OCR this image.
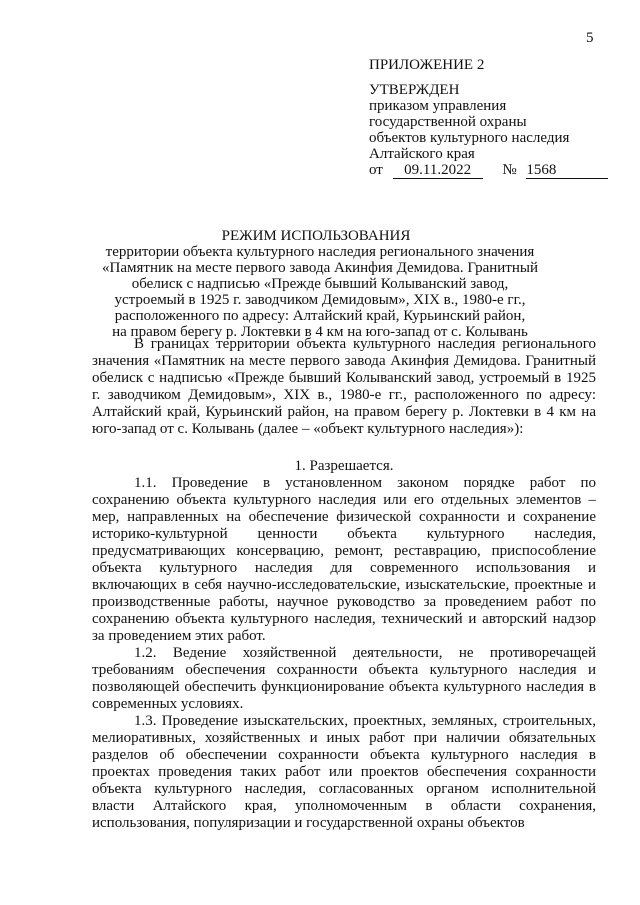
5
ПРИЛОЖЕНИЕ 2
УТВЕРЖДЕН
приказом управления
государственной охраны
объектов культурного наследия
Алтайского края
от 09.11.2022 № 1568
РЕЖИМ ИСПОЛЬЗОВАНИЯ
территории объекта культурного наследия регионального значения
«Памятник на месте первого завода Акинфия Демидова. Гранитный
обелиск с надписью «Прежде бывший Колыванский завод,
устроемый в 1925 г. заводчиком Демидовым», XIX в., 1980-е гг.,
расположенного по адресу: Алтайский край, Курьинский район,
на правом берегу р. Локтевки в 4 км на юго-запад от с. Колывань

В границах территории объекта культурного наследия регионального значения «Памятник на месте первого завода Акинфия Демидова. Гранитный обелиск с надписью «Прежде бывший Колыванский завод, устроемый в 1925 г. заводчиком Демидовым», XIX в., 1980-е гг., расположенного по адресу: Алтайский край, Курьинский район, на правом берегу р. Локтевки в 4 км на юго-запад от с. Колывань (далее – «объект культурного наследия»):

1. Разрешается.

1.1. Проведение в установленном законом порядке работ по сохранению объекта культурного наследия или его отдельных элементов – мер, направленных на обеспечение физической сохранности и сохранение историко-культурной ценности объекта культурного наследия, предусматривающих консервацию, ремонт, реставрацию, приспособление объекта культурного наследия для современного использования и включающих в себя научно-исследовательские, изыскательские, проектные и производственные работы, научное руководство за проведением работ по сохранению объекта культурного наследия, технический и авторский надзор за проведением этих работ.

1.2. Ведение хозяйственной деятельности, не противоречащей требованиям обеспечения сохранности объекта культурного наследия и позволяющей обеспечить функционирование объекта культурного наследия в современных условиях.

1.3. Проведение изыскательских, проектных, земляных, строительных, мелиоративных, хозяйственных и иных работ при наличии обязательных разделов об обеспечении сохранности объекта культурного наследия в проектах проведения таких работ или проектов обеспечения сохранности объекта культурного наследия, согласованных органом исполнительной власти Алтайского края, уполномоченным в области сохранения, использования, популяризации и государственной охраны объектов
